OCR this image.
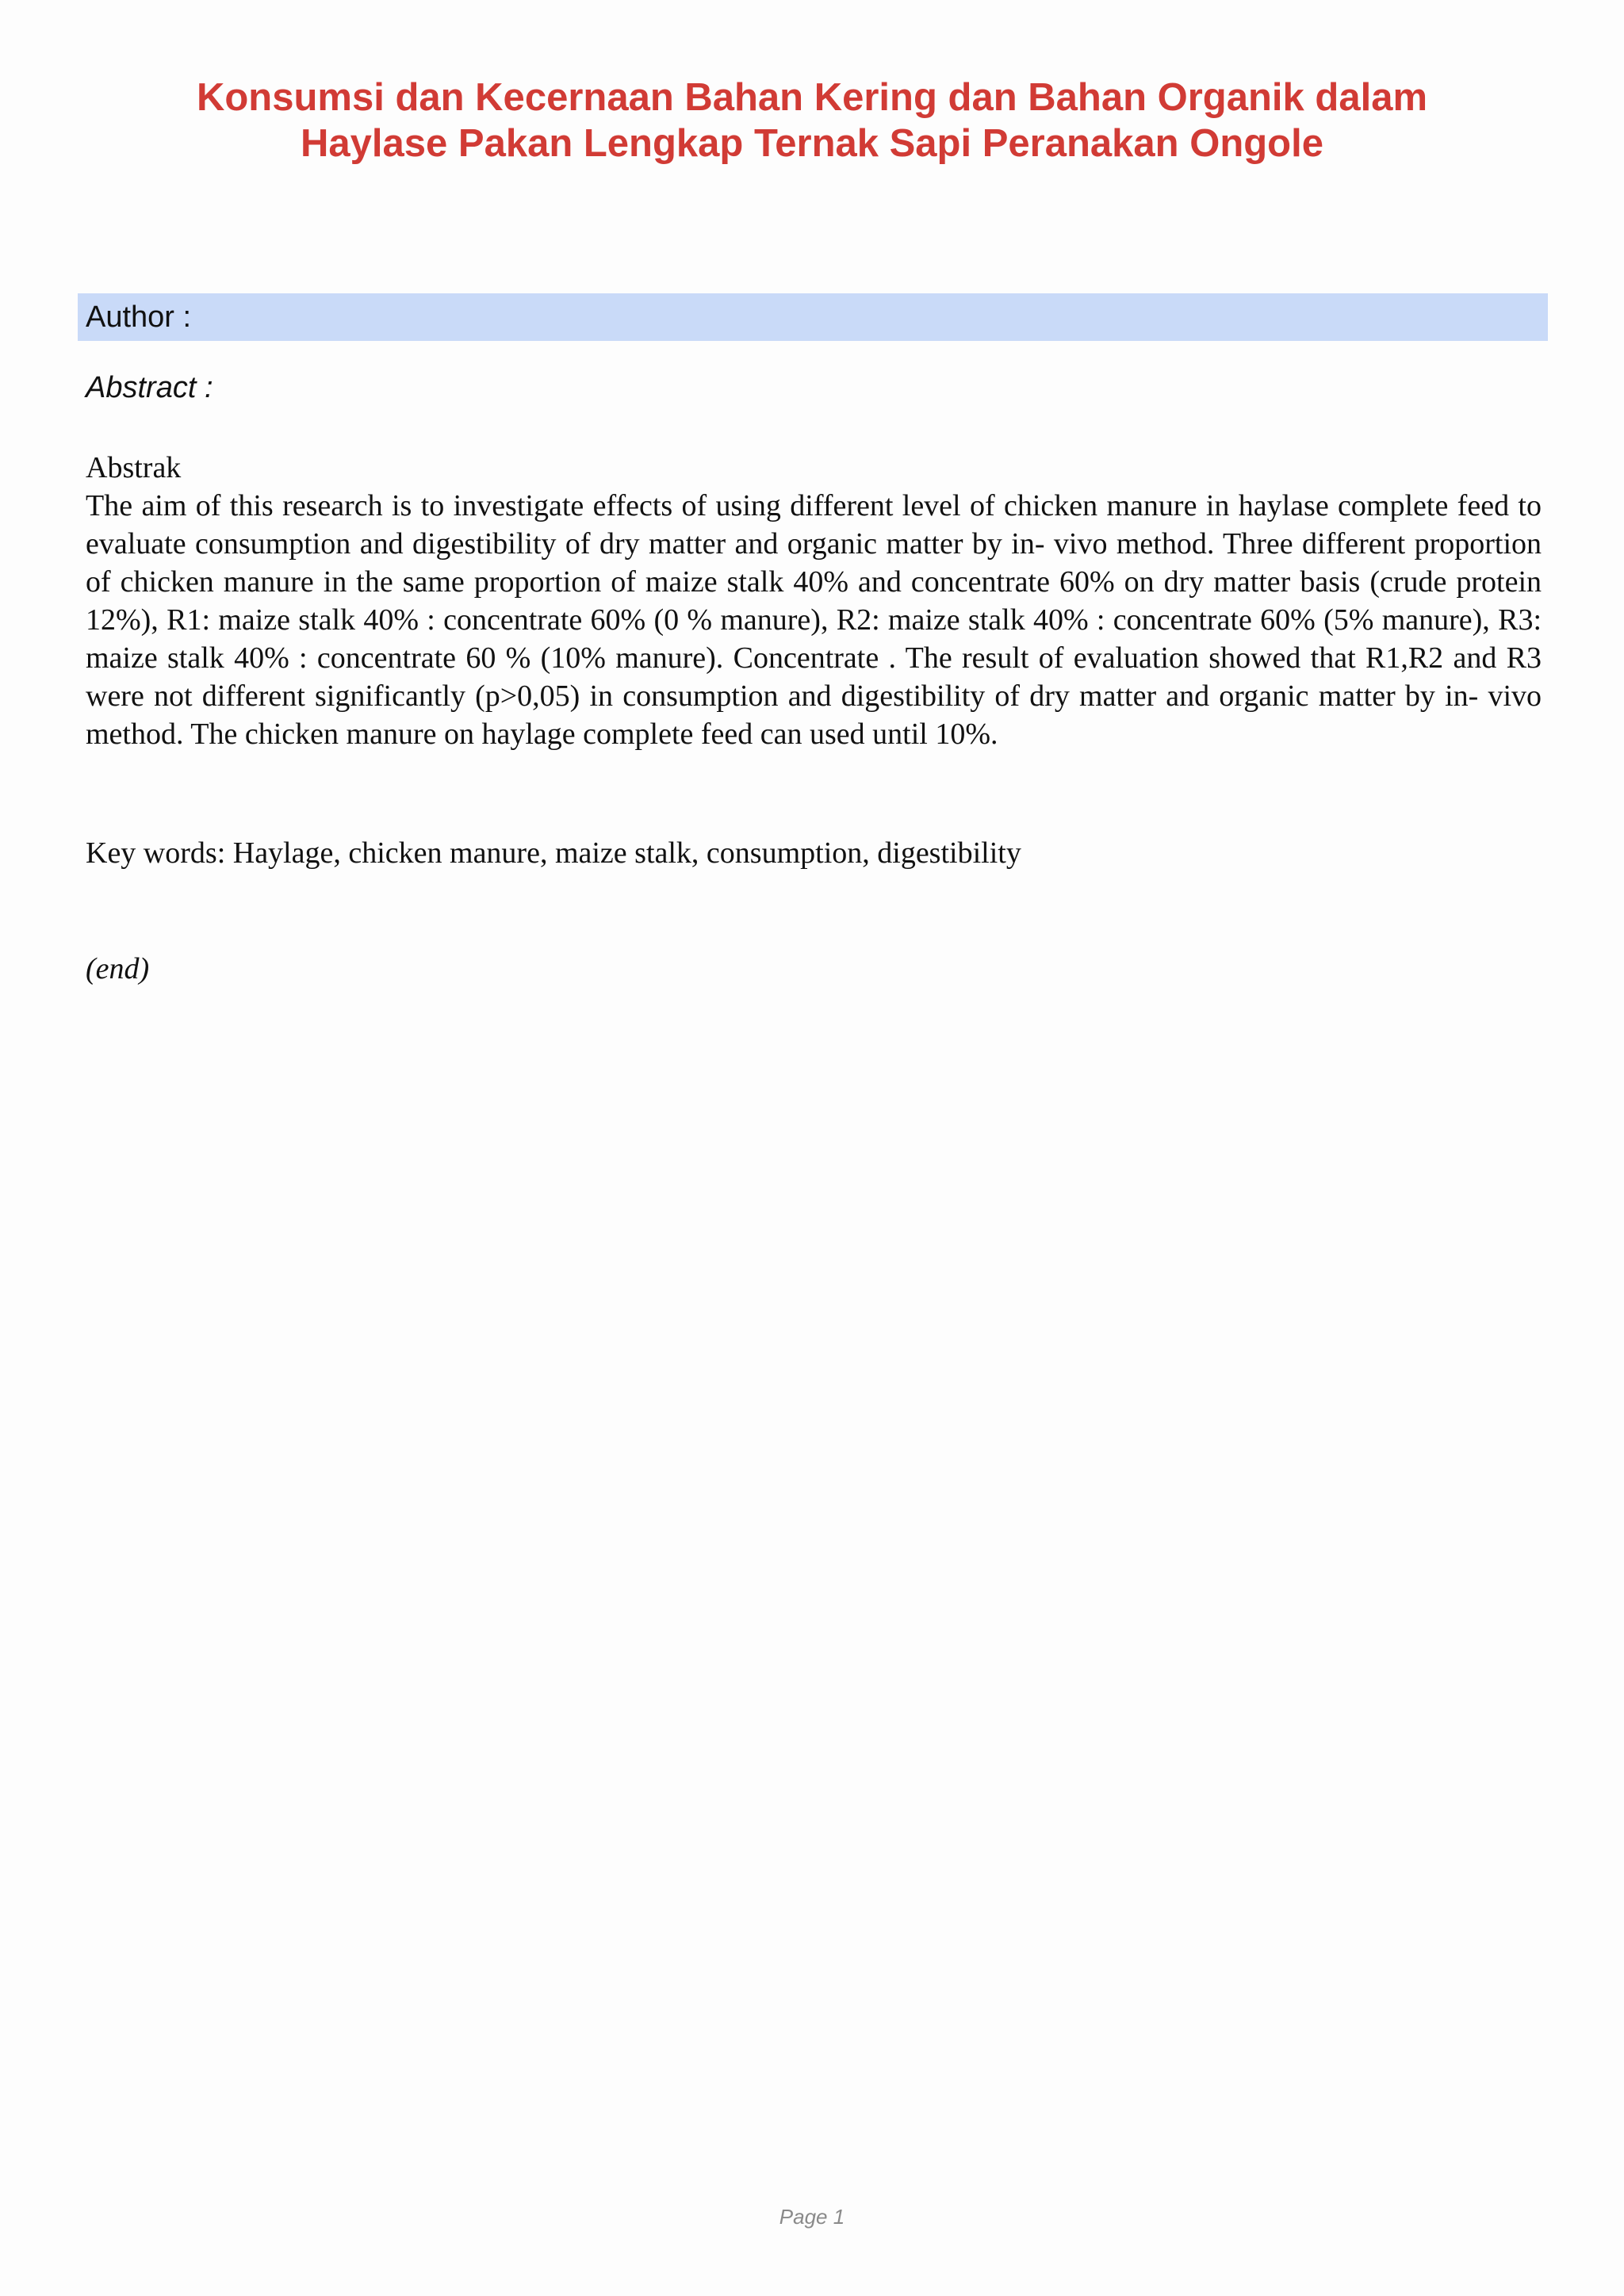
Konsumsi dan Kecernaan Bahan Kering dan Bahan Organik dalam
Haylase Pakan Lengkap Ternak Sapi Peranakan Ongole
Author :
Abstract :
Abstrak
The aim of this research is to investigate effects of using different level of chicken manure in haylase complete feed to evaluate consumption and digestibility of dry matter and organic matter by in- vivo method. Three different proportion of chicken manure in the same proportion of maize stalk 40% and concentrate 60% on dry matter basis (crude protein 12%), R1: maize stalk 40% : concentrate 60% (0 % manure), R2: maize stalk 40% : concentrate 60% (5% manure), R3: maize stalk 40% : concentrate 60 % (10% manure). Concentrate . The result of evaluation showed that R1,R2 and R3 were not different significantly (p>0,05) in consumption and digestibility of dry matter and organic matter by in- vivo method. The chicken manure on haylage complete feed can used until 10%.
Key words: Haylage, chicken manure, maize stalk, consumption, digestibility
(end)
Page 1
